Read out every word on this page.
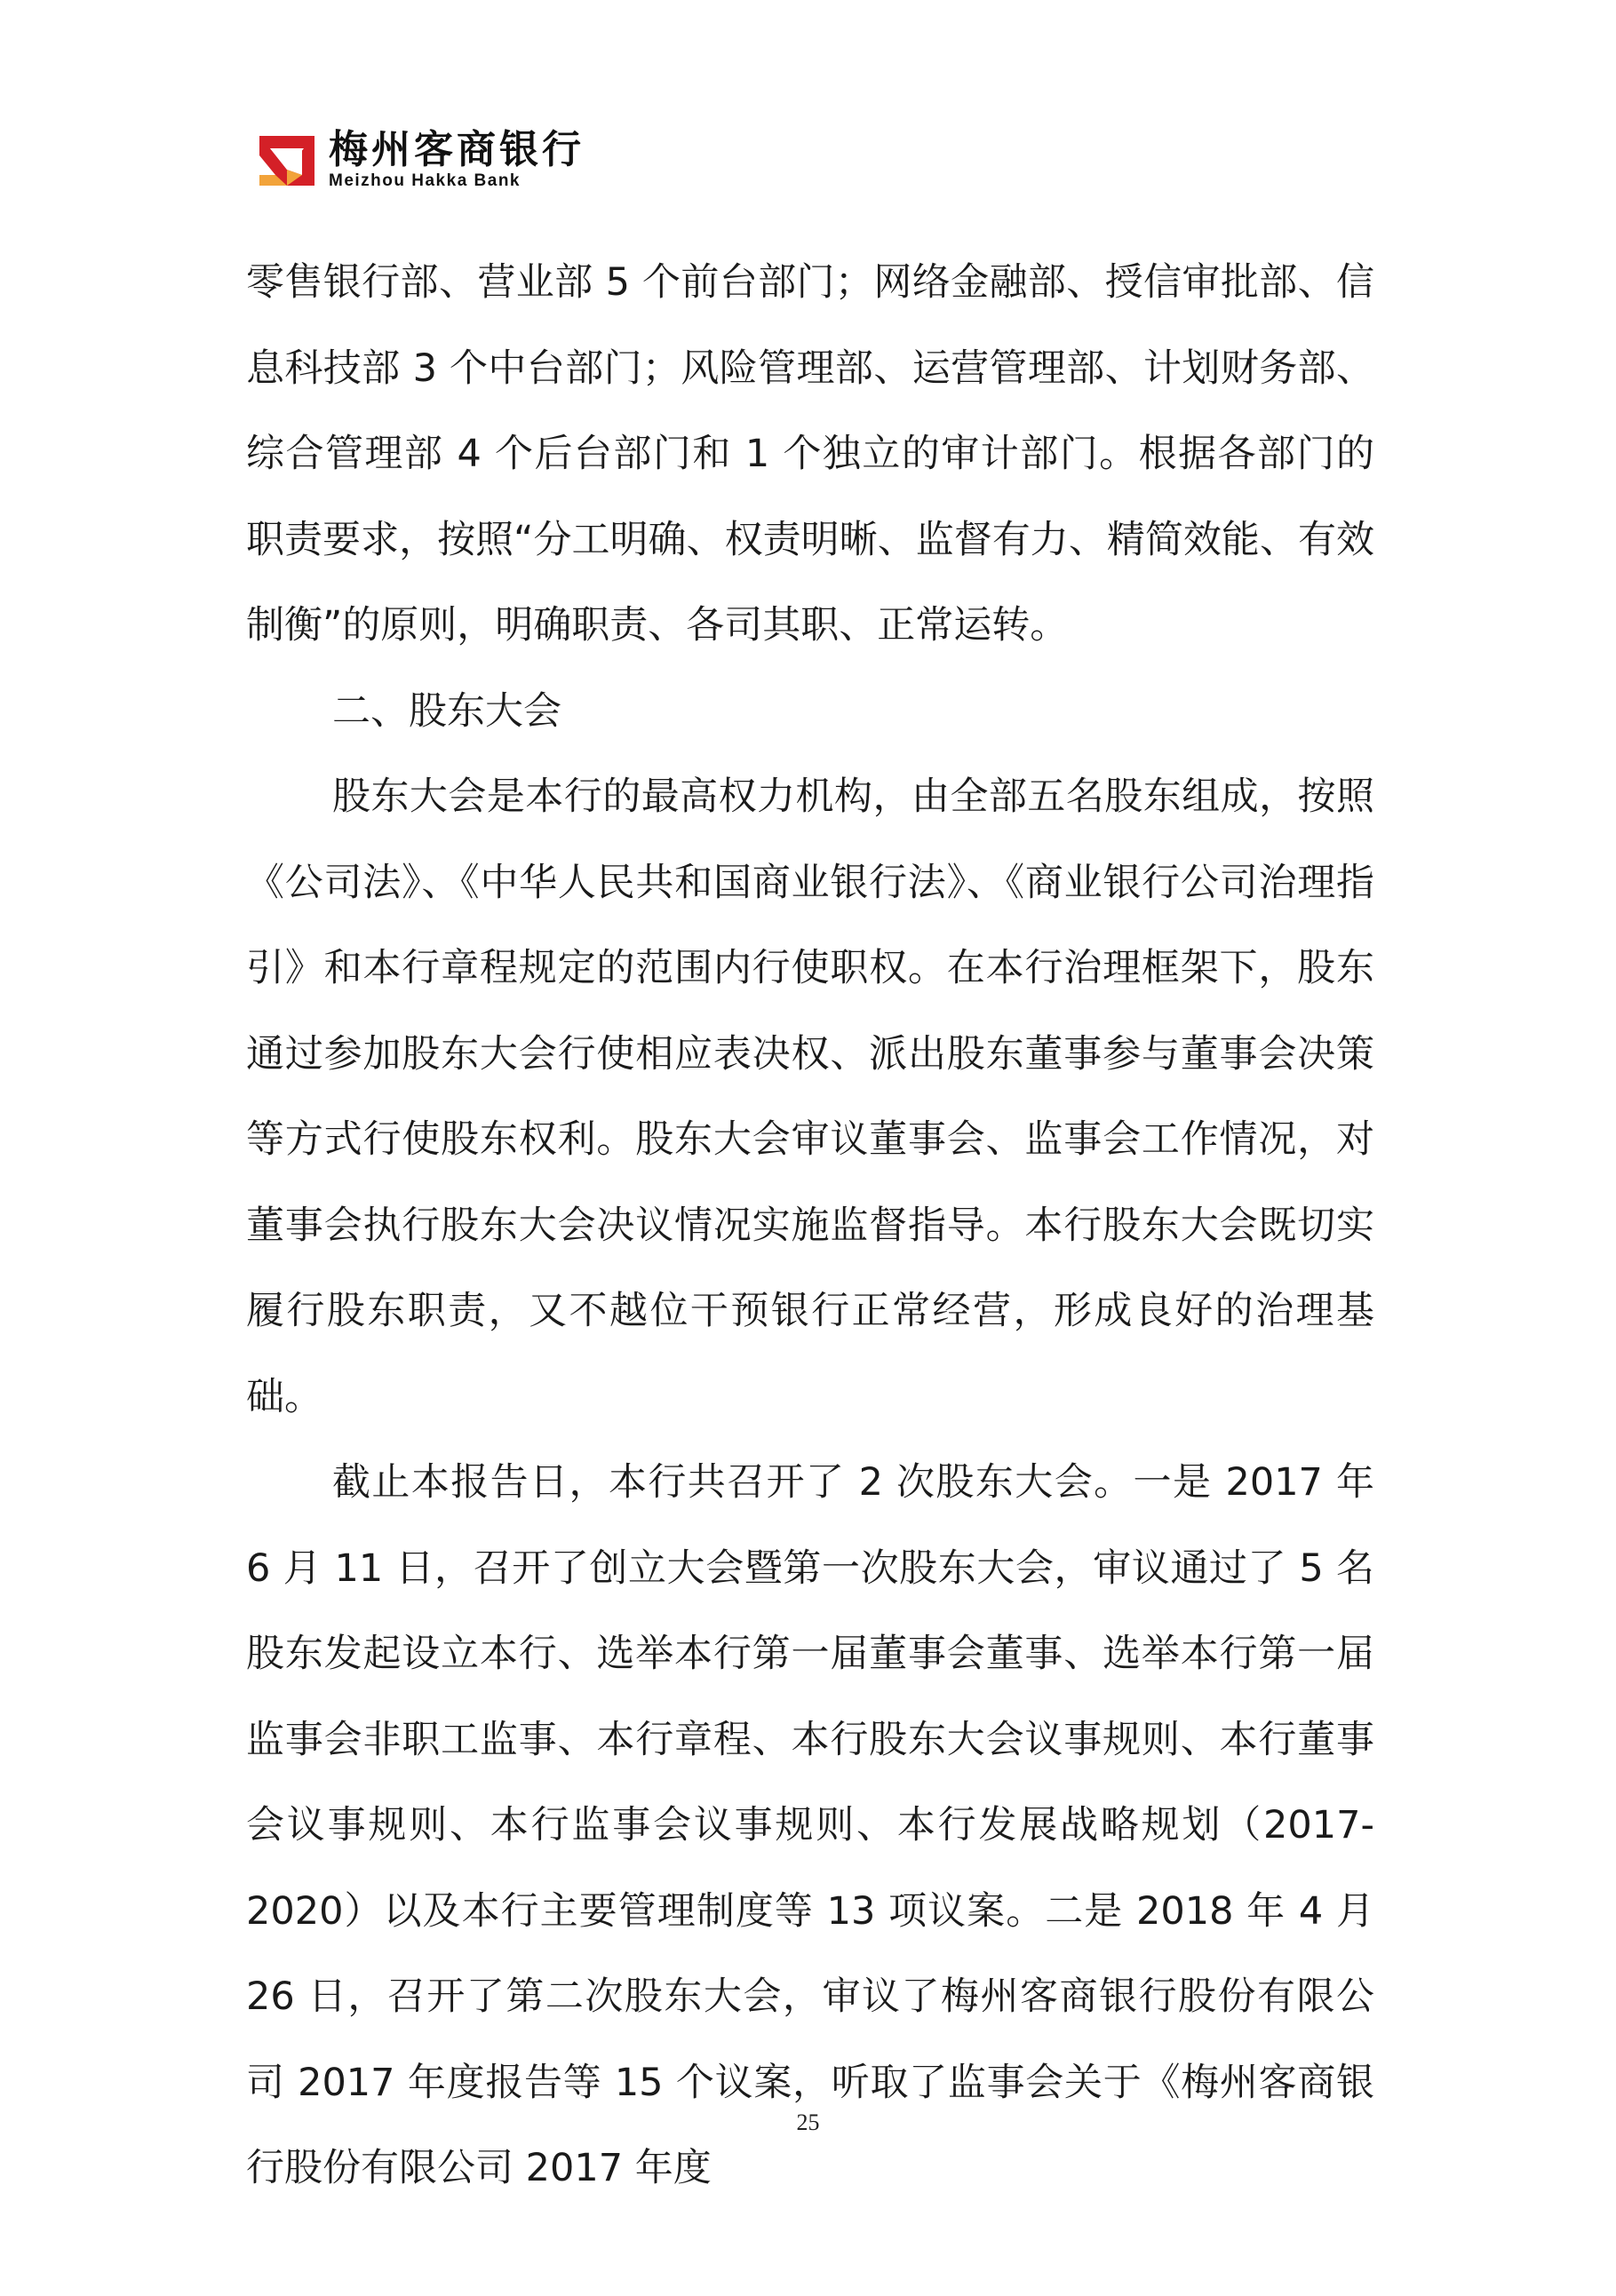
梅州客商银行
Meizhou Hakka Bank

零售银行部、营业部 5 个前台部门；网络金融部、授信审批部、信息科技部 3 个中台部门；风险管理部、运营管理部、计划财务部、综合管理部 4 个后台部门和 1 个独立的审计部门。根据各部门的职责要求，按照“分工明确、权责明晰、监督有力、精简效能、有效制衡”的原则，明确职责、各司其职、正常运转。

二、股东大会

股东大会是本行的最高权力机构，由全部五名股东组成，按照《公司法》、《中华人民共和国商业银行法》、《商业银行公司治理指引》和本行章程规定的范围内行使职权。在本行治理框架下，股东通过参加股东大会行使相应表决权、派出股东董事参与董事会决策等方式行使股东权利。股东大会审议董事会、监事会工作情况，对董事会执行股东大会决议情况实施监督指导。本行股东大会既切实履行股东职责，又不越位干预银行正常经营，形成良好的治理基础。

截止本报告日，本行共召开了 2 次股东大会。一是 2017 年 6 月 11 日，召开了创立大会暨第一次股东大会，审议通过了 5 名股东发起设立本行、选举本行第一届董事会董事、选举本行第一届监事会非职工监事、本行章程、本行股东大会议事规则、本行董事会议事规则、本行监事会议事规则、本行发展战略规划（2017-2020）以及本行主要管理制度等 13 项议案。二是 2018 年 4 月 26 日，召开了第二次股东大会，审议了梅州客商银行股份有限公司 2017 年度报告等 15 个议案，听取了监事会关于《梅州客商银行股份有限公司 2017 年度

25
